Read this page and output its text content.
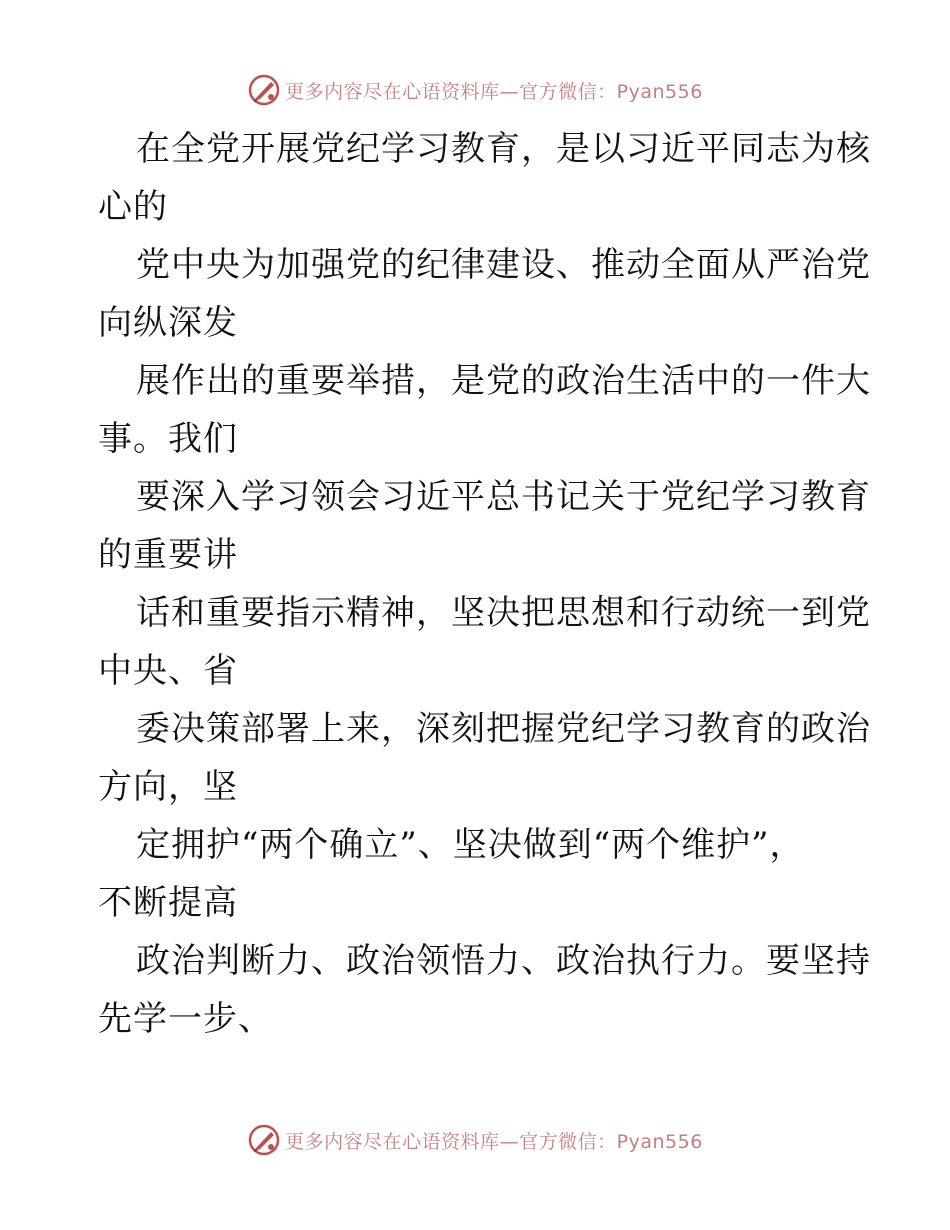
更多内容尽在心语资料库—官方微信：Pyan556
在全党开展党纪学习教育，是以习近平同志为核
心的
党中央为加强党的纪律建设、推动全面从严治党
向纵深发
展作出的重要举措，是党的政治生活中的一件大
事。我们
要深入学习领会习近平总书记关于党纪学习教育
的重要讲
话和重要指示精神，坚决把思想和行动统一到党
中央、省
委决策部署上来，深刻把握党纪学习教育的政治
方向，坚
定拥护“两个确立”、坚决做到“两个维护”，
不断提高
政治判断力、政治领悟力、政治执行力。要坚持
先学一步、
更多内容尽在心语资料库—官方微信：Pyan556
